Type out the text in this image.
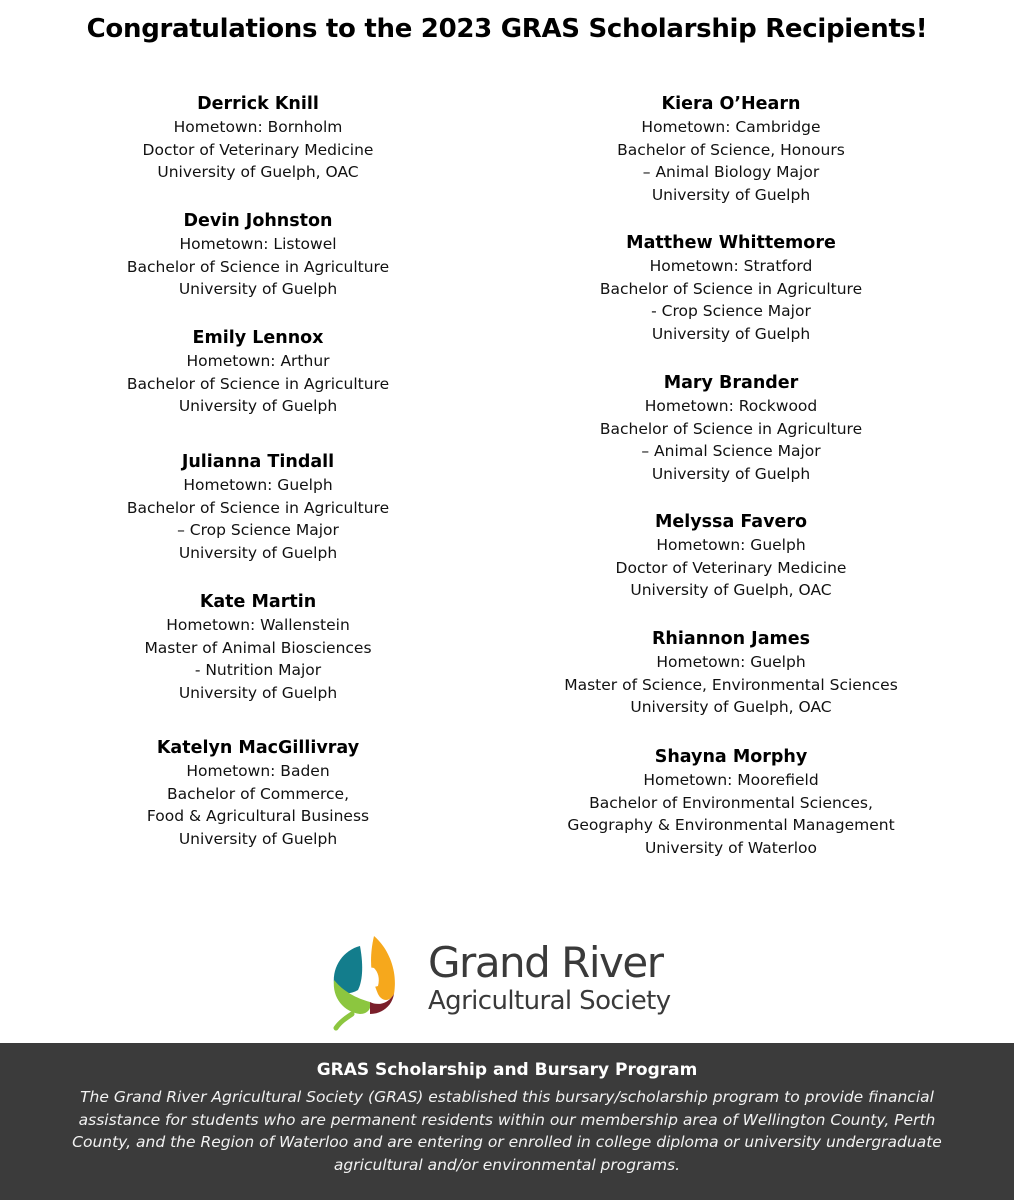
Congratulations to the 2023 GRAS Scholarship Recipients!
Derrick Knill
Hometown: Bornholm
Doctor of Veterinary Medicine
University of Guelph, OAC
Devin Johnston
Hometown: Listowel
Bachelor of Science in Agriculture
University of Guelph
Emily Lennox
Hometown: Arthur
Bachelor of Science in Agriculture
University of Guelph
Julianna Tindall
Hometown: Guelph
Bachelor of Science in Agriculture
– Crop Science Major
University of Guelph
Kate Martin
Hometown: Wallenstein
Master of Animal Biosciences
- Nutrition Major
University of Guelph
Katelyn MacGillivray
Hometown: Baden
Bachelor of Commerce,
Food & Agricultural Business
University of Guelph
Kiera O’Hearn
Hometown: Cambridge
Bachelor of Science, Honours
– Animal Biology Major
University of Guelph
Matthew Whittemore
Hometown: Stratford
Bachelor of Science in Agriculture
- Crop Science Major
University of Guelph
Mary Brander
Hometown: Rockwood
Bachelor of Science in Agriculture
– Animal Science Major
University of Guelph
Melyssa Favero
Hometown: Guelph
Doctor of Veterinary Medicine
University of Guelph, OAC
Rhiannon James
Hometown: Guelph
Master of Science, Environmental Sciences
University of Guelph, OAC
Shayna Morphy
Hometown: Moorefield
Bachelor of Environmental Sciences,
Geography & Environmental Management
University of Waterloo
Grand River
Agricultural Society
GRAS Scholarship and Bursary Program
The Grand River Agricultural Society (GRAS) established this bursary/scholarship program to provide financial assistance for students who are permanent residents within our membership area of Wellington County, Perth County, and the Region of Waterloo and are entering or enrolled in college diploma or university undergraduate agricultural and/or environmental programs.
